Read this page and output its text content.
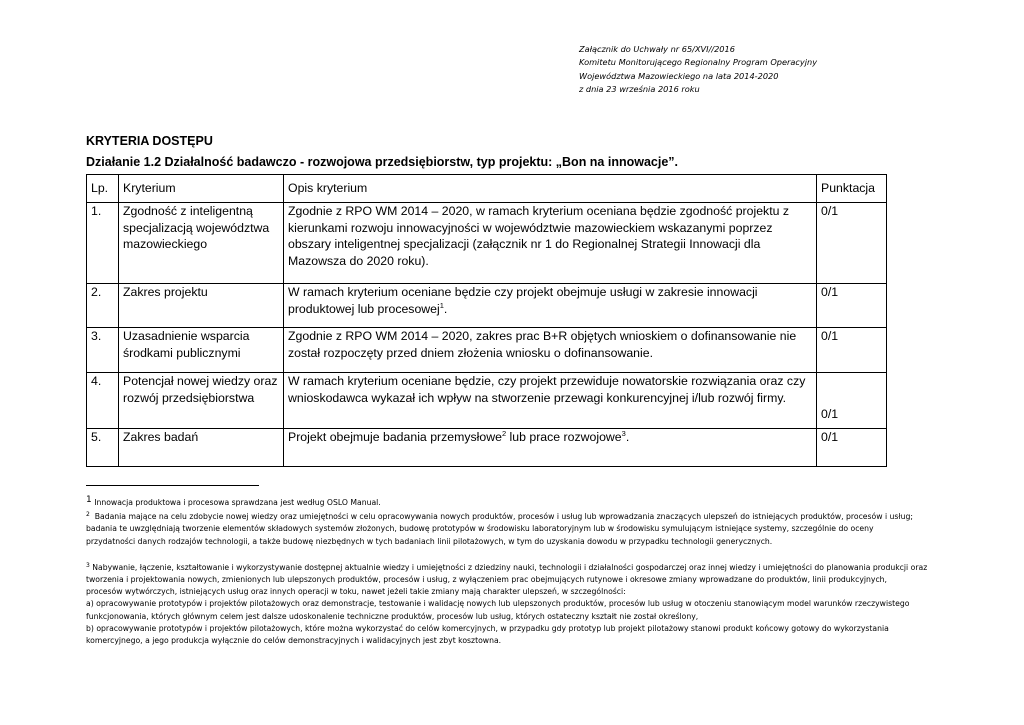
Załącznik do Uchwały nr 65/XVI//2016
Komitetu Monitorującego Regionalny Program Operacyjny
Województwa Mazowieckiego na lata 2014-2020
z dnia 23 września 2016 roku
KRYTERIA DOSTĘPU
Działanie 1.2 Działalność badawczo - rozwojowa przedsiębiorstw, typ projektu: „Bon na innowacje”.
Lp.	Kryterium	Opis kryterium	Punktacja
1.	Zgodność z inteligentną specjalizacją województwa mazowieckiego	Zgodnie z RPO WM 2014 – 2020, w ramach kryterium oceniana będzie zgodność projektu z kierunkami rozwoju innowacyjności w województwie mazowieckiem wskazanymi poprzez obszary inteligentnej specjalizacji (załącznik nr 1 do Regionalnej Strategii Innowacji dla Mazowsza do 2020 roku).	0/1
2.	Zakres projektu	W ramach kryterium oceniane będzie czy projekt obejmuje usługi w zakresie innowacji produktowej lub procesowej$^1$.	0/1
3.	Uzasadnienie wsparcia środkami publicznymi	Zgodnie z RPO WM 2014 – 2020, zakres prac B+R objętych wnioskiem o dofinansowanie nie został rozpoczęty przed dniem złożenia wniosku o dofinansowanie.	0/1
4.	Potencjał nowej wiedzy oraz rozwój przedsiębiorstwa	W ramach kryterium oceniane będzie, czy projekt przewiduje nowatorskie rozwiązania oraz czy wnioskodawca wykazał ich wpływ na stworzenie przewagi konkurencyjnej i/lub rozwój firmy.	0/1
5.	Zakres badań	Projekt obejmuje badania przemysłowe$^2$ lub prace rozwojowe$^3$.	0/1

1 Innowacja produktowa i procesowa sprawdzana jest według OSLO Manual.

$^2$ Badania mające na celu zdobycie nowej wiedzy oraz umiejętności w celu opracowywania nowych produktów, procesów i usług lub wprowadzania znaczących ulepszeń do istniejących produktów, procesów i usług;

badania te uwzględniają tworzenie elementów składowych systemów złożonych, budowę prototypów w środowisku laboratoryjnym lub w środowisku symulującym istniejące systemy, szczególnie do oceny

przydatności danych rodzajów technologii, a także budowę niezbędnych w tych badaniach linii pilotażowych, w tym do uzyskania dowodu w przypadku technologii generycznych.

$^3$ Nabywanie, łączenie, kształtowanie i wykorzystywanie dostępnej aktualnie wiedzy i umiejętności z dziedziny nauki, technologii i działalności gospodarczej oraz innej wiedzy i umiejętności do planowania produkcji oraz

tworzenia i projektowania nowych, zmienionych lub ulepszonych produktów, procesów i usług, z wyłączeniem prac obejmujących rutynowe i okresowe zmiany wprowadzane do produktów, linii produkcyjnych,

procesów wytwórczych, istniejących usług oraz innych operacji w toku, nawet jeżeli takie zmiany mają charakter ulepszeń, w szczególności:

a) opracowywanie prototypów i projektów pilotażowych oraz demonstracje, testowanie i walidację nowych lub ulepszonych produktów, procesów lub usług w otoczeniu stanowiącym model warunków rzeczywistego

funkcjonowania, których głównym celem jest dalsze udoskonalenie techniczne produktów, procesów lub usług, których ostateczny kształt nie został określony,

b) opracowywanie prototypów i projektów pilotażowych, które można wykorzystać do celów komercyjnych, w przypadku gdy prototyp lub projekt pilotażowy stanowi produkt końcowy gotowy do wykorzystania

komercyjnego, a jego produkcja wyłącznie do celów demonstracyjnych i walidacyjnych jest zbyt kosztowna.
